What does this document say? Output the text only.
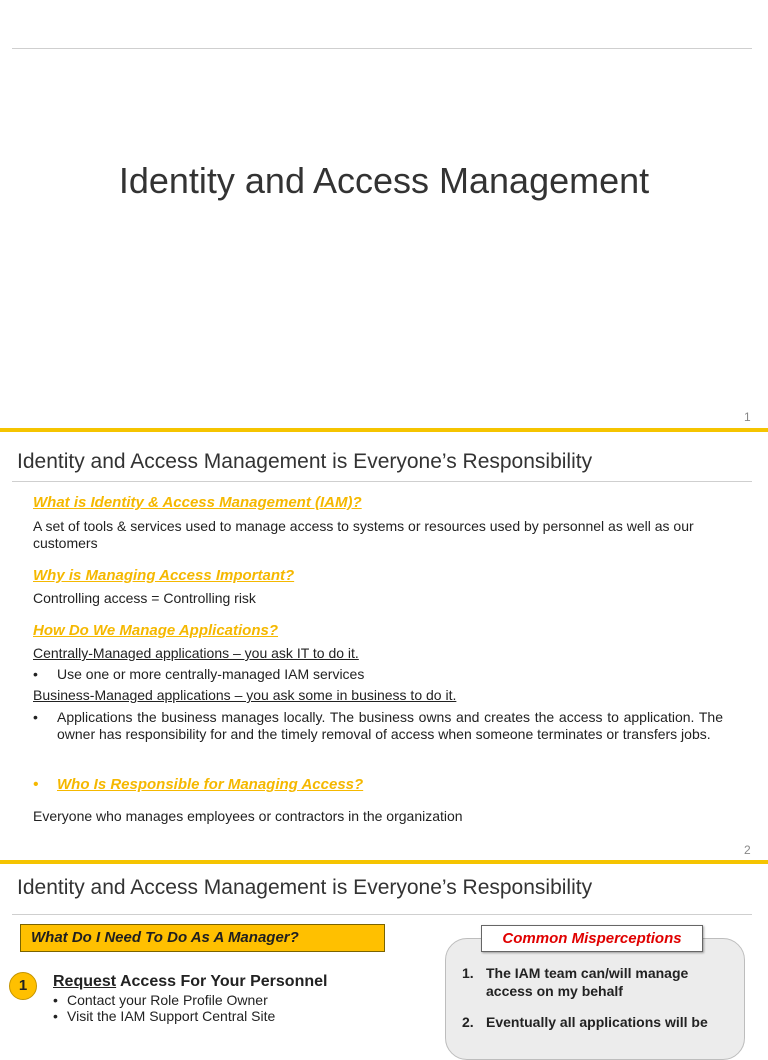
Identity and Access Management
1
Identity and Access Management is Everyone’s Responsibility
What is Identity & Access Management (IAM)?
A set of tools & services used to manage access to systems or resources used by personnel as well as our customers
Why is Managing Access Important?
Controlling access = Controlling risk
How Do We Manage Applications?
Centrally-Managed applications – you ask IT to do it.
•	Use one or more centrally-managed IAM services
Business-Managed applications – you ask some in business to do it.
•	Applications the business manages locally. The business owns and creates the access to application. The owner has responsibility for and the timely removal of access when someone terminates or transfers jobs.
•	Who Is Responsible for Managing Access?
Everyone who manages employees or contractors in the organization
2
Identity and Access Management is Everyone’s Responsibility
What Do I Need To Do As A Manager?
1	Request Access For Your Personnel
• Contact your Role Profile Owner
• Visit the IAM Support Central Site
Common Misperceptions
1. The IAM team can/will manage access on my behalf
2. Eventually all applications will be
